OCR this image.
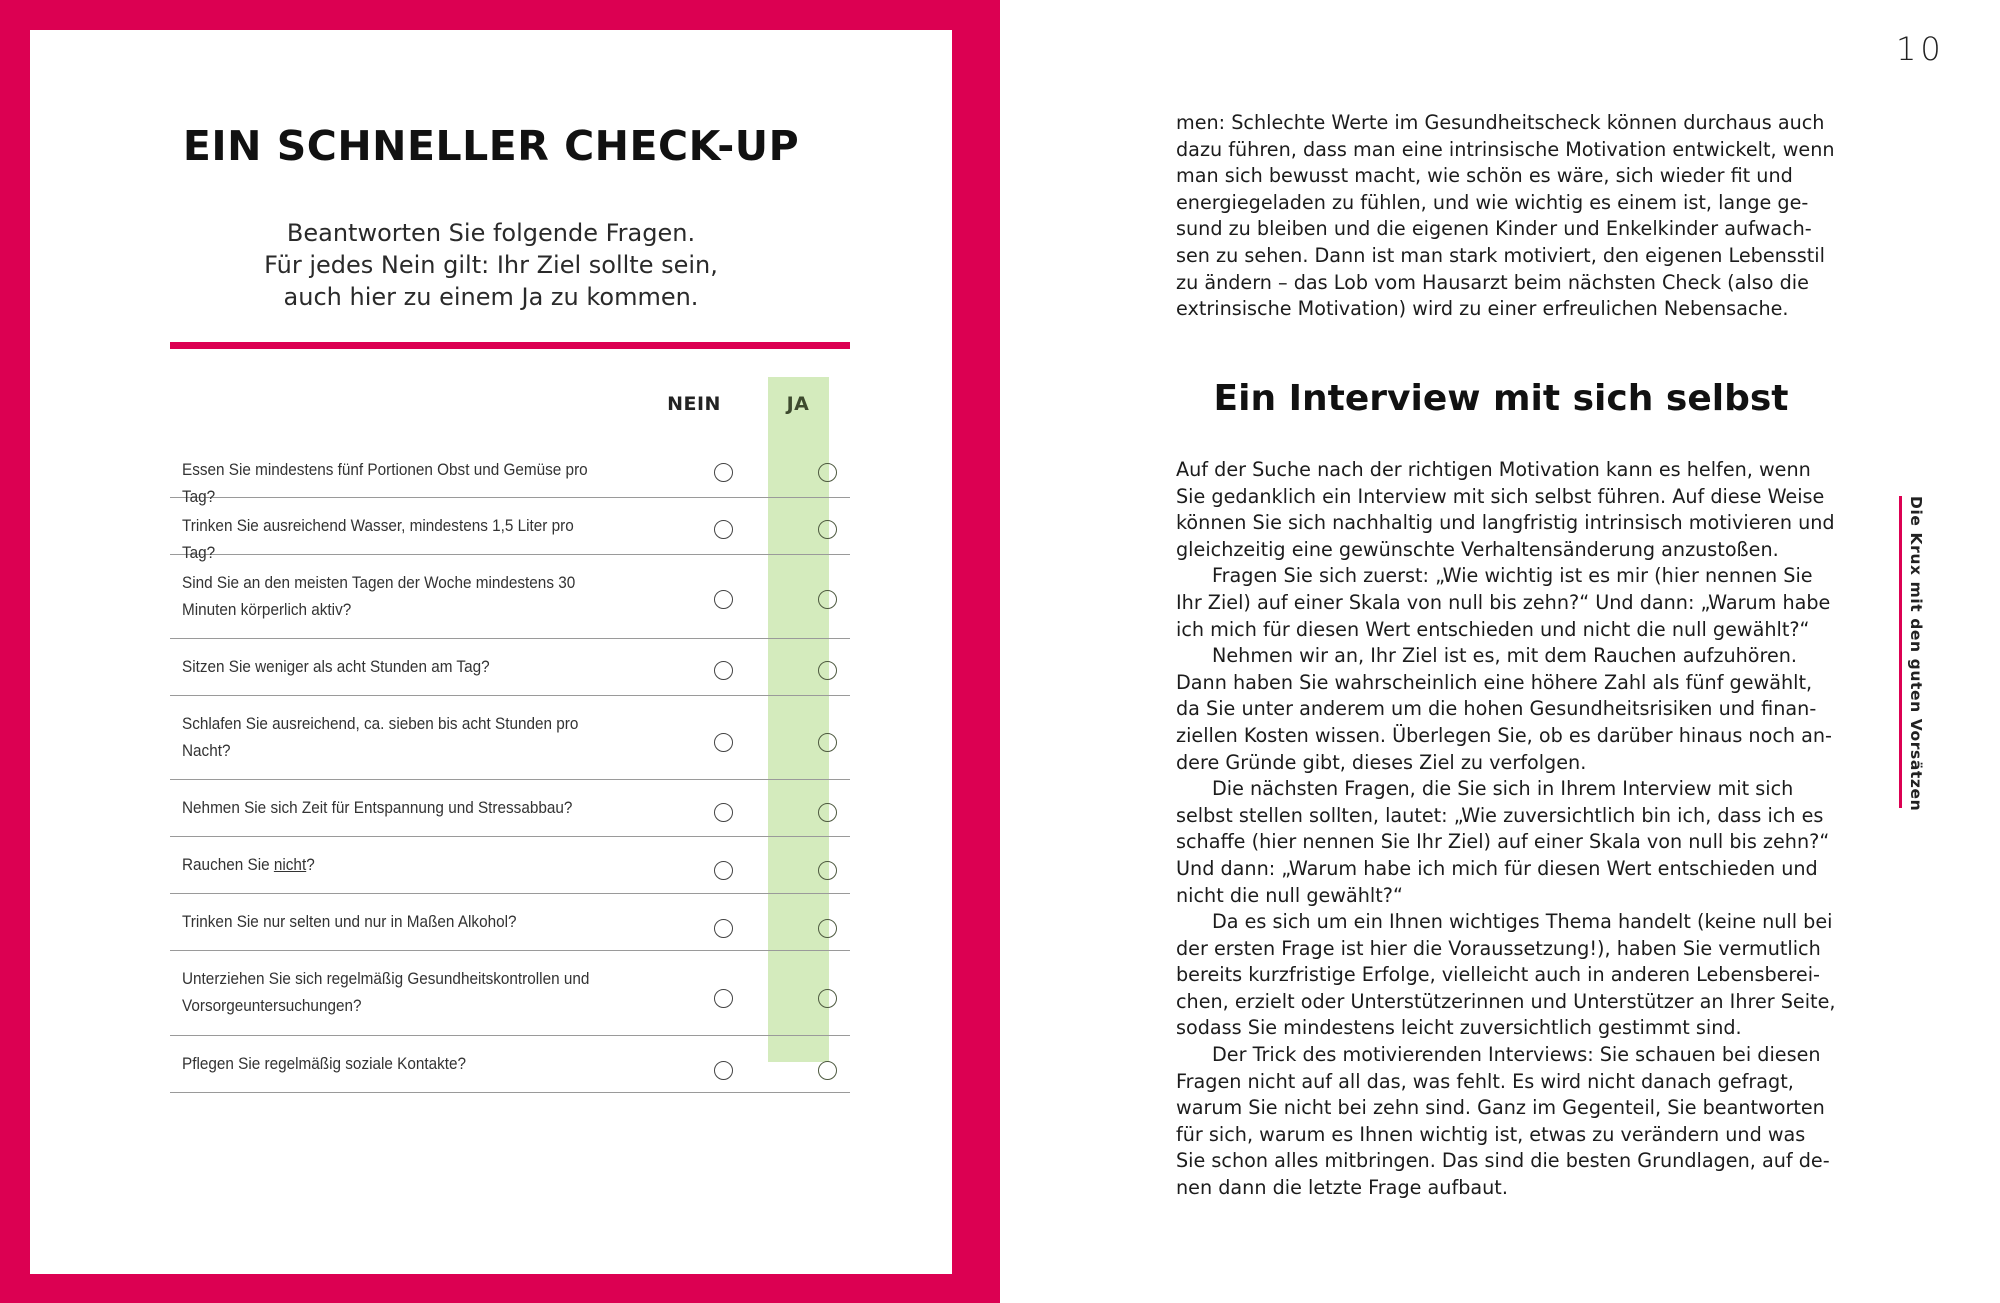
EIN SCHNELLER CHECK-UP
Beantworten Sie folgende Fragen.
Für jedes Nein gilt: Ihr Ziel sollte sein,
auch hier zu einem Ja zu kommen.
NEIN	JA
Essen Sie mindestens fünf Portionen Obst und Gemüse pro Tag?
Trinken Sie ausreichend Wasser, mindestens 1,5 Liter pro Tag?
Sind Sie an den meisten Tagen der Woche mindestens 30
Minuten körperlich aktiv?
Sitzen Sie weniger als acht Stunden am Tag?
Schlafen Sie ausreichend, ca. sieben bis acht Stunden pro
Nacht?
Nehmen Sie sich Zeit für Entspannung und Stressabbau?
Rauchen Sie nicht?
Trinken Sie nur selten und nur in Maßen Alkohol?
Unterziehen Sie sich regelmäßig Gesundheitskontrollen und
Vorsorgeuntersuchungen?
Pflegen Sie regelmäßig soziale Kontakte?
10
men: Schlechte Werte im Gesundheitscheck können durchaus auch
dazu führen, dass man eine intrinsische Motivation entwickelt, wenn
man sich bewusst macht, wie schön es wäre, sich wieder fit und
energiegeladen zu fühlen, und wie wichtig es einem ist, lange ge-
sund zu bleiben und die eigenen Kinder und Enkelkinder aufwach-
sen zu sehen. Dann ist man stark motiviert, den eigenen Lebensstil
zu ändern – das Lob vom Hausarzt beim nächsten Check (also die
extrinsische Motivation) wird zu einer erfreulichen Nebensache.
Ein Interview mit sich selbst
Auf der Suche nach der richtigen Motivation kann es helfen, wenn
Sie gedanklich ein Interview mit sich selbst führen. Auf diese Weise
können Sie sich nachhaltig und langfristig intrinsisch motivieren und
gleichzeitig eine gewünschte Verhaltensänderung anzustoßen.
Fragen Sie sich zuerst: „Wie wichtig ist es mir (hier nennen Sie
Ihr Ziel) auf einer Skala von null bis zehn?“ Und dann: „Warum habe
ich mich für diesen Wert entschieden und nicht die null gewählt?“
Nehmen wir an, Ihr Ziel ist es, mit dem Rauchen aufzuhören.
Dann haben Sie wahrscheinlich eine höhere Zahl als fünf gewählt,
da Sie unter anderem um die hohen Gesundheitsrisiken und finan-
ziellen Kosten wissen. Überlegen Sie, ob es darüber hinaus noch an-
dere Gründe gibt, dieses Ziel zu verfolgen.
Die nächsten Fragen, die Sie sich in Ihrem Interview mit sich
selbst stellen sollten, lautet: „Wie zuversichtlich bin ich, dass ich es
schaffe (hier nennen Sie Ihr Ziel) auf einer Skala von null bis zehn?“
Und dann: „Warum habe ich mich für diesen Wert entschieden und
nicht die null gewählt?“
Da es sich um ein Ihnen wichtiges Thema handelt (keine null bei
der ersten Frage ist hier die Voraussetzung!), haben Sie vermutlich
bereits kurzfristige Erfolge, vielleicht auch in anderen Lebensberei-
chen, erzielt oder Unterstützerinnen und Unterstützer an Ihrer Seite,
sodass Sie mindestens leicht zuversichtlich gestimmt sind.
Der Trick des motivierenden Interviews: Sie schauen bei diesen
Fragen nicht auf all das, was fehlt. Es wird nicht danach gefragt,
warum Sie nicht bei zehn sind. Ganz im Gegenteil, Sie beantworten
für sich, warum es Ihnen wichtig ist, etwas zu verändern und was
Sie schon alles mitbringen. Das sind die besten Grundlagen, auf de-
nen dann die letzte Frage aufbaut.
Die Krux mit den guten Vorsätzen
